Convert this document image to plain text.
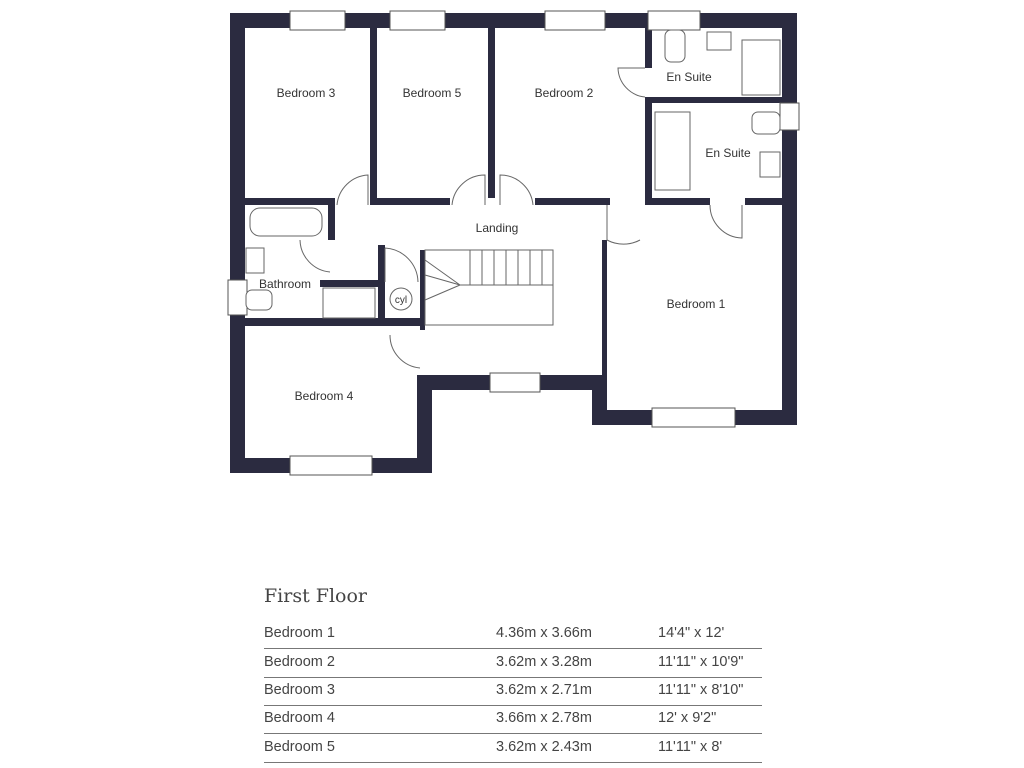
Bedroom 3	Bedroom 5	Bedroom 2
En Suite
En Suite
Landing
Bathroom
cyl	Bedroom 1
Bedroom 4
First Floor
Bedroom 1	4.36m x 3.66m	14'4" x 12'
Bedroom 2	3.62m x 3.28m	11'11" x 10'9"
Bedroom 3	3.62m x 2.71m	11'11" x 8'10"
Bedroom 4	3.66m x 2.78m	12' x 9'2"
Bedroom 5	3.62m x 2.43m	11'11" x 8'
